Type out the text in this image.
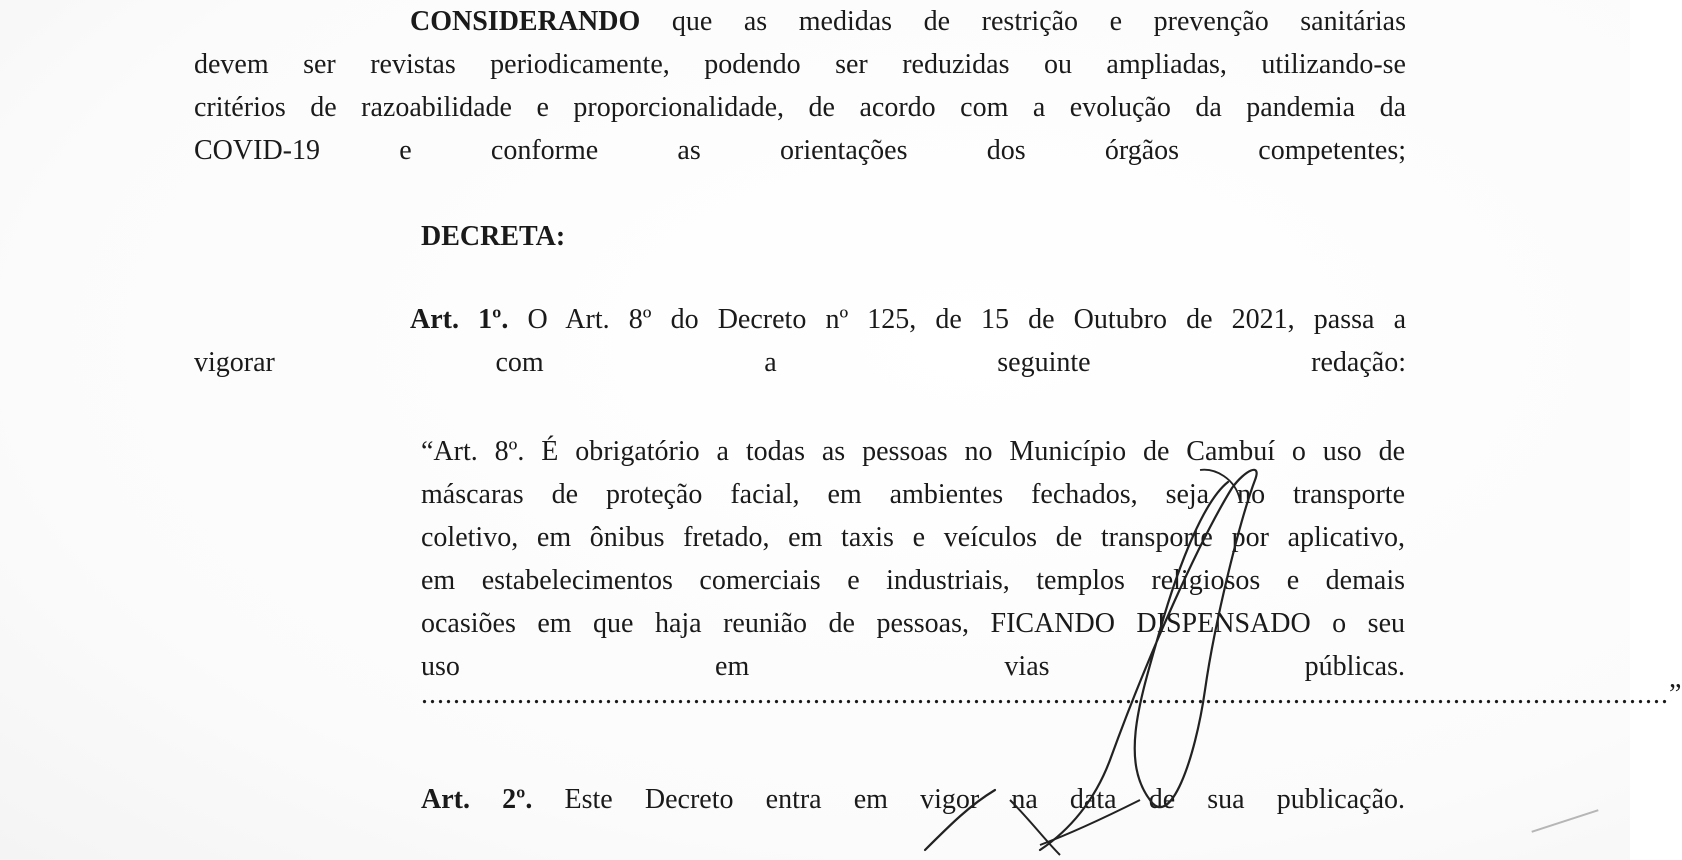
CONSIDERANDO que as medidas de restrição e prevenção sanitárias
devem ser revistas periodicamente, podendo ser reduzidas ou ampliadas, utilizando-se
critérios de razoabilidade e proporcionalidade, de acordo com a evolução da pandemia da
COVID-19 e conforme as orientações dos órgãos competentes;
DECRETA:
Art. 1º. O Art. 8º do Decreto nº 125, de 15 de Outubro de 2021, passa a
vigorar com a seguinte redação:
“Art. 8º. É obrigatório a todas as pessoas no Município de Cambuí o uso de
máscaras de proteção facial, em ambientes fechados, seja no transporte
coletivo, em ônibus fretado, em taxis e veículos de transporte por aplicativo,
em estabelecimentos comerciais e industriais, templos religiosos e demais
ocasiões em que haja reunião de pessoas, FICANDO DISPENSADO o seu
uso em vias públicas.
............................................................................................................................................................”
Art. 2º. Este Decreto entra em vigor na data de sua publicação.
